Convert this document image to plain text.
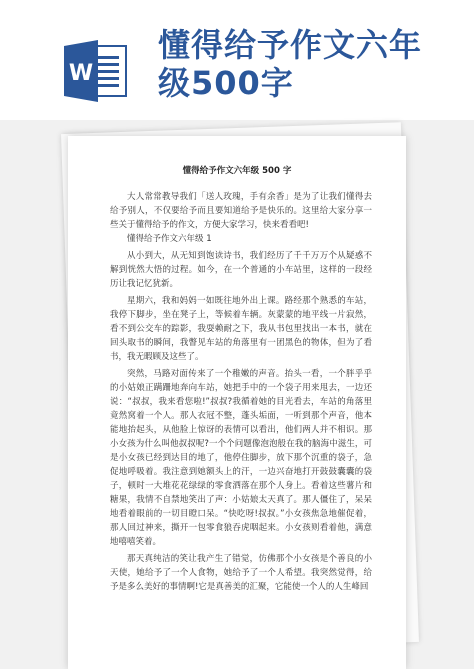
W
懂得给予作文六年
级500字
懂得给予作文六年级 500 字

大人常常教导我们「送人玫瑰，手有余香」是为了让我们懂得去给予别人，不仅要给予而且要知道给予是快乐的。这里给大家分享一些关于懂得给予的作文，方便大家学习，快来看看吧!

懂得给予作文六年级 1

从小到大，从无知到饱读诗书，我们经历了千千万万个从疑惑不解到恍然大悟的过程。如今，在一个普通的小车站里，这样的一段经历让我记忆犹新。

星期六，我和妈妈一如既往地外出上课。路经那个熟悉的车站，我停下脚步，坐在凳子上，等候着车辆。灰蒙蒙的地平线一片寂然，看不到公交车的踪影，我耍赖耐之下，我从书包里找出一本书，就在回头取书的瞬间，我瞥见车站的角落里有一团黑色的物体，但为了看书，我无暇顾及这些了。

突然，马路对面传来了一个稚嫩的声音。抬头一看，一个胖乎乎的小姑娘正蹒跚地奔向车站，她把手中的一个袋子用来甩去，一边还说：“叔叔，我来看您啦!”叔叔?我循着她的目光看去，车站的角落里竟然窝着一个人。那人衣冠不整，蓬头垢面，一听到那个声音，他本能地抬起头，从他脸上惊讶的表情可以看出，他们两人并不相识。那小女孩为什么叫他叔叔呢?一个个问题像泡泡般在我的脑海中滋生，可是小女孩已经到达目的地了，他停住脚步，放下那个沉重的袋子，急促地呼吸着。我注意到她额头上的汗，一边兴奋地打开鼓鼓囊囊的袋子，顿时一大堆花花绿绿的零食洒落在那个人身上。看着这些薯片和糖果，我情不自禁地笑出了声：小姑娘太天真了。那人僵住了，呆呆地看着眼前的一切目瞪口呆。“快吃呀!叔叔。”小女孩焦急地催促着，那人回过神来，撕开一包零食狼吞虎咽起来。小女孩则看着他，满意地嘻嘻笑着。

那天真纯洁的笑让我产生了错觉，仿佛那个小女孩是个善良的小天使，她给予了一个人食物，她给予了一个人希望。我突然觉得，给予是多么美好的事情啊!它是真善美的汇聚，它能使一个人的人生峰回
